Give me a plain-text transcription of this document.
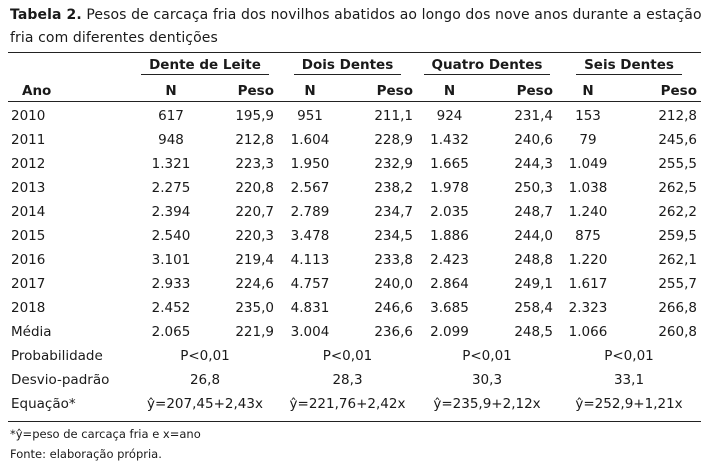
Tabela 2. Pesos de carcaça fria dos novilhos abatidos ao longo dos nove anos durante a estação fria com diferentes dentições
	Dente de Leite		Dois Dentes		Quatro Dentes		Seis Dentes	
Ano	N	Peso	N	Peso	N	Peso	N	Peso
2010	617	195,9	951	211,1	924	231,4	153	212,8
2011	948	212,8	1.604	228,9	1.432	240,6	79	245,6
2012	1.321	223,3	1.950	232,9	1.665	244,3	1.049	255,5
2013	2.275	220,8	2.567	238,2	1.978	250,3	1.038	262,5
2014	2.394	220,7	2.789	234,7	2.035	248,7	1.240	262,2
2015	2.540	220,3	3.478	234,5	1.886	244,0	875	259,5
2016	3.101	219,4	4.113	233,8	2.423	248,8	1.220	262,1
2017	2.933	224,6	4.757	240,0	2.864	249,1	1.617	255,7
2018	2.452	235,0	4.831	246,6	3.685	258,4	2.323	266,8
Média	2.065	221,9	3.004	236,6	2.099	248,5	1.066	260,8
Probabilidade	P<0,01		P<0,01		P<0,01		P<0,01	
Desvio-padrão	26,8		28,3		30,3		33,1	
Equação*	ŷ=207,45+2,43x		ŷ=221,76+2,42x		ŷ=235,9+2,12x		ŷ=252,9+1,21x	
*ŷ=peso de carcaça fria e x=ano
Fonte: elaboração própria.
